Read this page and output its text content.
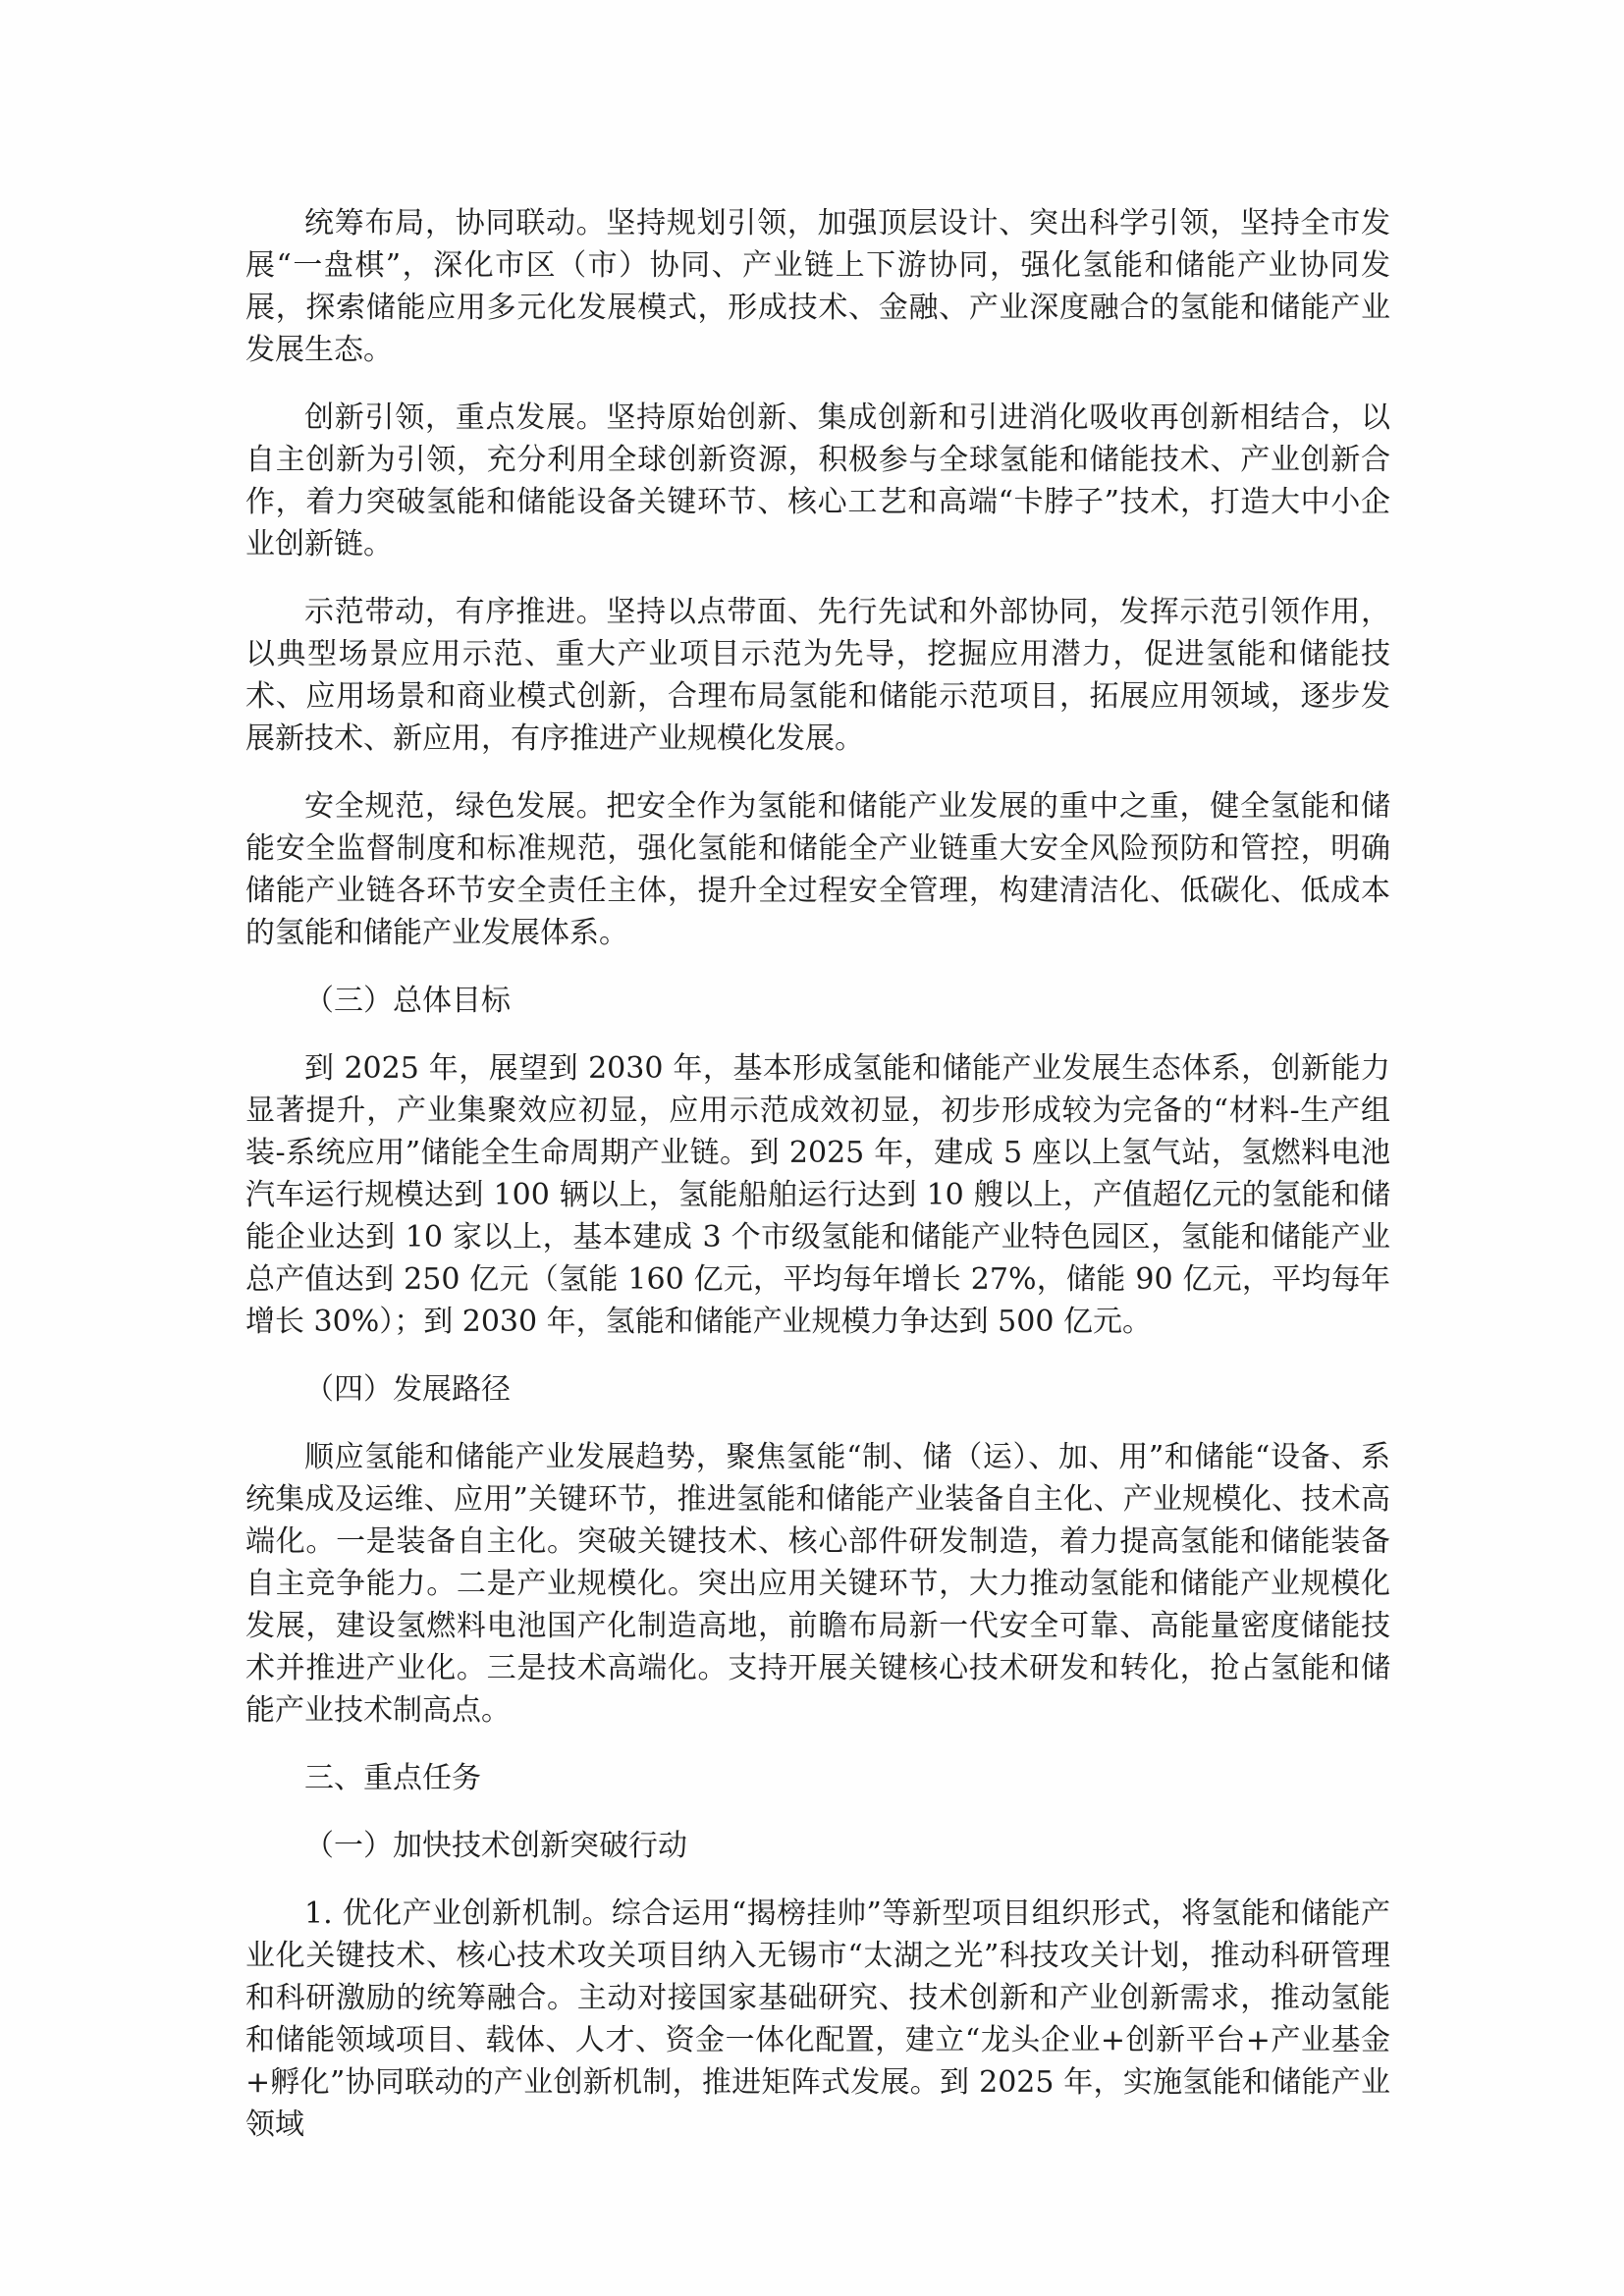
统筹布局，协同联动。坚持规划引领，加强顶层设计、突出科学引领，坚持全市发展“一盘棋”，深化市区（市）协同、产业链上下游协同，强化氢能和储能产业协同发展，探索储能应用多元化发展模式，形成技术、金融、产业深度融合的氢能和储能产业发展生态。

创新引领，重点发展。坚持原始创新、集成创新和引进消化吸收再创新相结合，以自主创新为引领，充分利用全球创新资源，积极参与全球氢能和储能技术、产业创新合作，着力突破氢能和储能设备关键环节、核心工艺和高端“卡脖子”技术，打造大中小企业创新链。

示范带动，有序推进。坚持以点带面、先行先试和外部协同，发挥示范引领作用，以典型场景应用示范、重大产业项目示范为先导，挖掘应用潜力，促进氢能和储能技术、应用场景和商业模式创新，合理布局氢能和储能示范项目，拓展应用领域，逐步发展新技术、新应用，有序推进产业规模化发展。

安全规范，绿色发展。把安全作为氢能和储能产业发展的重中之重，健全氢能和储能安全监督制度和标准规范，强化氢能和储能全产业链重大安全风险预防和管控，明确储能产业链各环节安全责任主体，提升全过程安全管理，构建清洁化、低碳化、低成本的氢能和储能产业发展体系。

（三）总体目标

到 2025 年，展望到 2030 年，基本形成氢能和储能产业发展生态体系，创新能力显著提升，产业集聚效应初显，应用示范成效初显，初步形成较为完备的“材料-生产组装-系统应用”储能全生命周期产业链。到 2025 年，建成 5 座以上氢气站，氢燃料电池汽车运行规模达到 100 辆以上，氢能船舶运行达到 10 艘以上，产值超亿元的氢能和储能企业达到 10 家以上，基本建成 3 个市级氢能和储能产业特色园区，氢能和储能产业总产值达到 250 亿元（氢能 160 亿元，平均每年增长 27%，储能 90 亿元，平均每年增长 30%）；到 2030 年，氢能和储能产业规模力争达到 500 亿元。

（四）发展路径

顺应氢能和储能产业发展趋势，聚焦氢能“制、储（运）、加、用”和储能“设备、系统集成及运维、应用”关键环节，推进氢能和储能产业装备自主化、产业规模化、技术高端化。一是装备自主化。突破关键技术、核心部件研发制造，着力提高氢能和储能装备自主竞争能力。二是产业规模化。突出应用关键环节，大力推动氢能和储能产业规模化发展，建设氢燃料电池国产化制造高地，前瞻布局新一代安全可靠、高能量密度储能技术并推进产业化。三是技术高端化。支持开展关键核心技术研发和转化，抢占氢能和储能产业技术制高点。

三、重点任务

（一）加快技术创新突破行动

1. 优化产业创新机制。综合运用“揭榜挂帅”等新型项目组织形式，将氢能和储能产业化关键技术、核心技术攻关项目纳入无锡市“太湖之光”科技攻关计划，推动科研管理和科研激励的统筹融合。主动对接国家基础研究、技术创新和产业创新需求，推动氢能和储能领域项目、载体、人才、资金一体化配置，建立“龙头企业+创新平台+产业基金+孵化”协同联动的产业创新机制，推进矩阵式发展。到 2025 年，实施氢能和储能产业领域
